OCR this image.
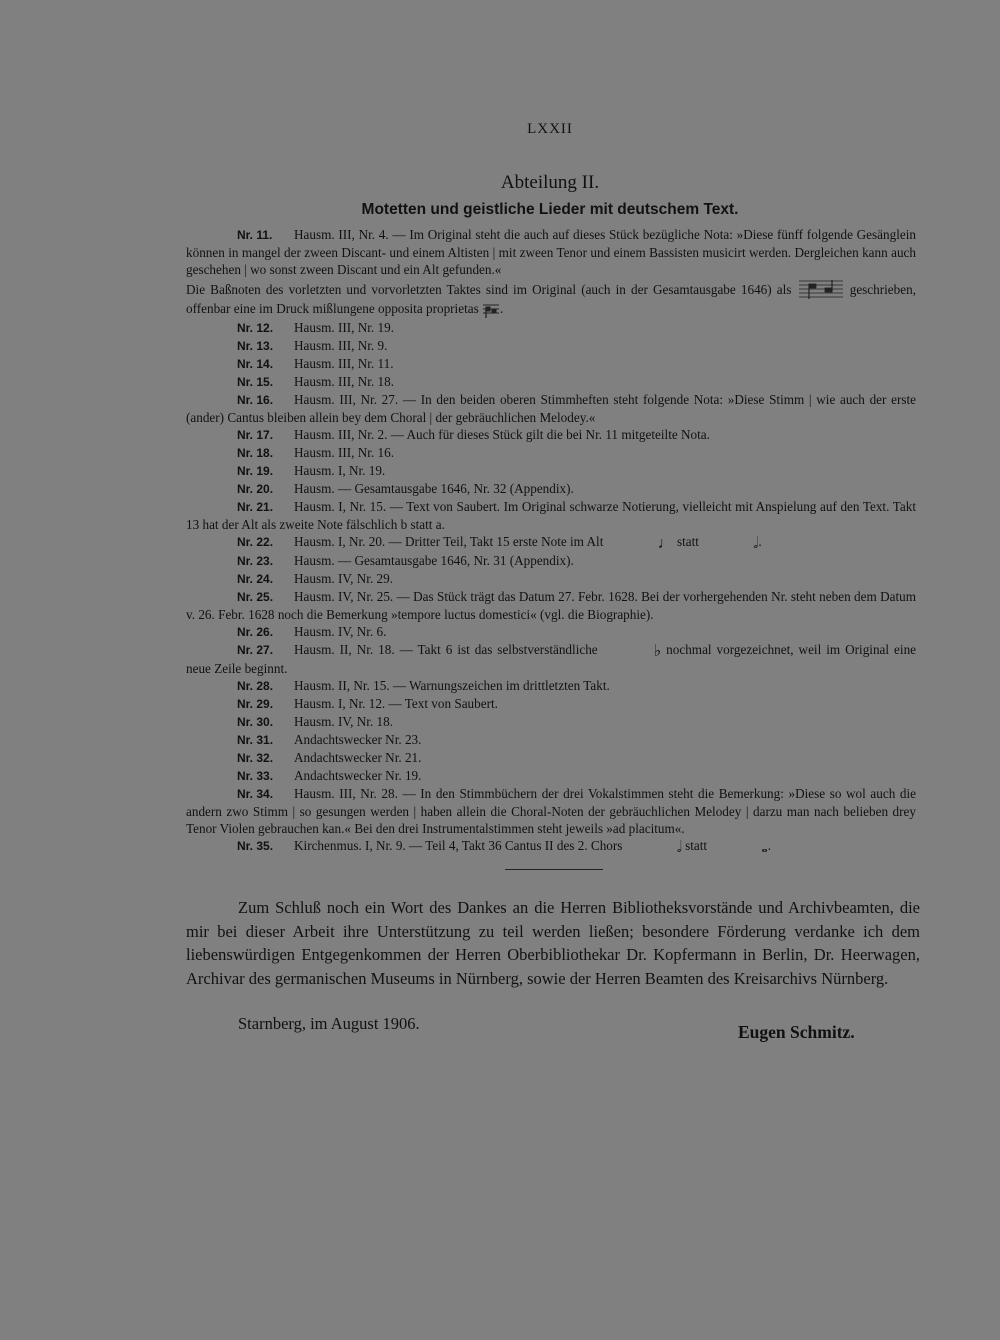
LXXII
Abteilung II.
Motetten und geistliche Lieder mit deutschem Text.
Nr. 11. Hausm. III, Nr. 4. — Im Original steht die auch auf dieses Stück bezügliche Nota: »Diese fünff folgende Gesänglein können in mangel der zween Discant- und einem Altisten | mit zween Tenor und einem Bassisten musicirt werden. Dergleichen kann auch geschehen | wo sonst zween Discant und ein Alt gefunden.«
Die Baßnoten des vorletzten und vorvorletzten Taktes sind im Original (auch in der Gesamtausgabe 1646) als	geschrieben, offenbar eine im Druck mißlungene opposita proprietas .
Nr. 12. Hausm. III, Nr. 19.
Nr. 13. Hausm. III, Nr. 9.
Nr. 14. Hausm. III, Nr. 11.
Nr. 15. Hausm. III, Nr. 18.
Nr. 16. Hausm. III, Nr. 27. — In den beiden oberen Stimmheften steht folgende Nota: »Diese Stimm | wie auch der erste (ander) Cantus bleiben allein bey dem Choral | der gebräuchlichen Melodey.«
Nr. 17. Hausm. III, Nr. 2. — Auch für dieses Stück gilt die bei Nr. 11 mitgeteilte Nota.
Nr. 18. Hausm. III, Nr. 16.
Nr. 19. Hausm. I, Nr. 19.
Nr. 20. Hausm. — Gesamtausgabe 1646, Nr. 32 (Appendix).
Nr. 21. Hausm. I, Nr. 15. — Text von Saubert. Im Original schwarze Notierung, vielleicht mit Anspielung auf den Text. Takt 13 hat der Alt als zweite Note fälschlich b statt a.
Nr. 22. Hausm. I, Nr. 20. — Dritter Teil, Takt 15 erste Note im Alt	♩ statt	𝅗𝅥.
Nr. 23. Hausm. — Gesamtausgabe 1646, Nr. 31 (Appendix).
Nr. 24. Hausm. IV, Nr. 29.
Nr. 25. Hausm. IV, Nr. 25. — Das Stück trägt das Datum 27. Febr. 1628. Bei der vorhergehenden Nr. steht neben dem Datum v. 26. Febr. 1628 noch die Bemerkung »tempore luctus domestici« (vgl. die Biographie).
Nr. 26. Hausm. IV, Nr. 6.
Nr. 27. Hausm. II, Nr. 18. — Takt 6 ist das selbstverständliche	♭ nochmal vorgezeichnet, weil im Original eine neue Zeile beginnt.
Nr. 28. Hausm. II, Nr. 15. — Warnungszeichen im drittletzten Takt.
Nr. 29. Hausm. I, Nr. 12. — Text von Saubert.
Nr. 30. Hausm. IV, Nr. 18.
Nr. 31. Andachtswecker Nr. 23.
Nr. 32. Andachtswecker Nr. 21.
Nr. 33. Andachtswecker Nr. 19.
Nr. 34. Hausm. III, Nr. 28. — In den Stimmbüchern der drei Vokalstimmen steht die Bemerkung: »Diese so wol auch die andern zwo Stimm | so gesungen werden | haben allein die Choral-Noten der gebräuchlichen Melodey | darzu man nach belieben drey Tenor Violen gebrauchen kan.« Bei den drei Instrumentalstimmen steht jeweils »ad placitum«.
Nr. 35. Kirchenmus. I, Nr. 9. — Teil 4, Takt 36 Cantus II des 2. Chors	𝅗𝅥 statt	𝅝.
Zum Schluß noch ein Wort des Dankes an die Herren Bibliotheksvorstände und Archivbeamten, die mir bei dieser Arbeit ihre Unterstützung zu teil werden ließen; besondere Förderung verdanke ich dem liebenswürdigen Entgegenkommen der Herren Oberbibliothekar Dr. Kopfermann in Berlin, Dr. Heerwagen, Archivar des germanischen Museums in Nürnberg, sowie der Herren Beamten des Kreisarchivs Nürnberg.
Starnberg, im August 1906.	Eugen Schmitz.
